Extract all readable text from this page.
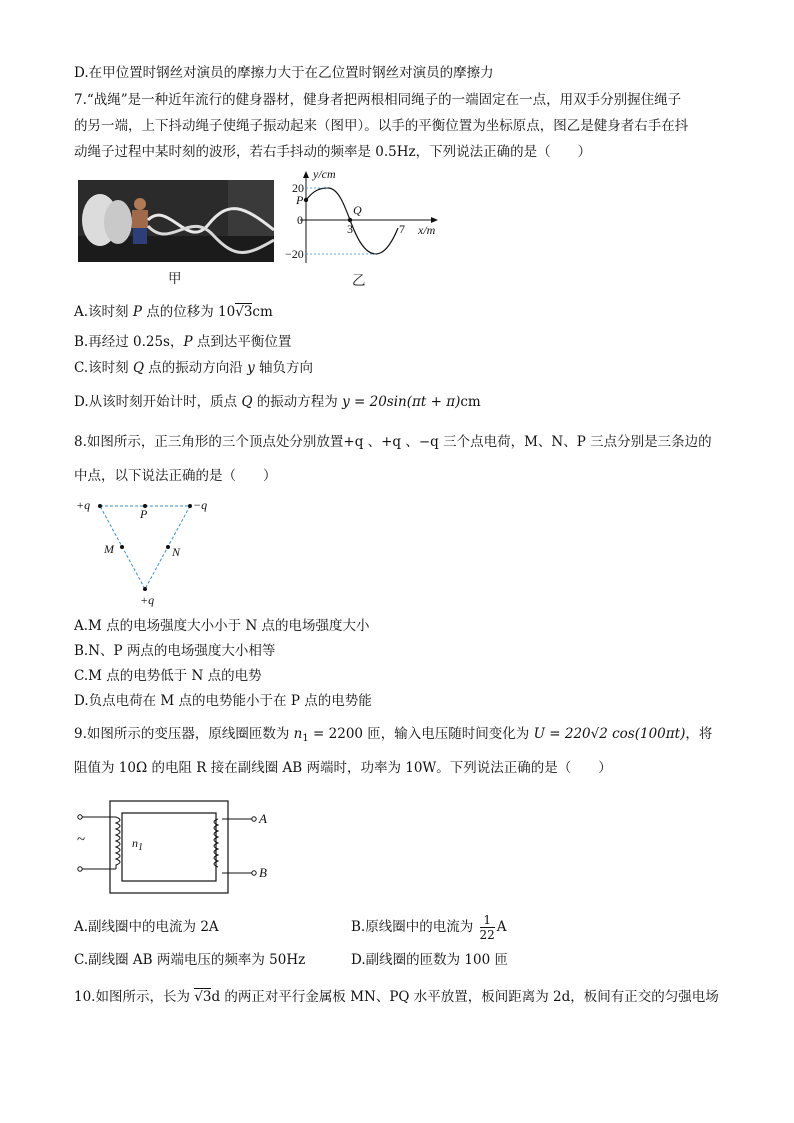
D.在甲位置时钢丝对演员的摩擦力大于在乙位置时钢丝对演员的摩擦力
7.“战绳”是一种近年流行的健身器材，健身者把两根相同绳子的一端固定在一点，用双手分别握住绳子
的另一端，上下抖动绳子使绳子振动起来（图甲）。以手的平衡位置为坐标原点，图乙是健身者右手在抖
动绳子过程中某时刻的波形，若右手抖动的频率是 0.5Hz，下列说法正确的是（　　）
甲
y/cm
20
P
0
Q
3	7 x/m
−20
乙
A.该时刻 P 点的位移为 10√3cm
B.再经过 0.25s，P 点到达平衡位置
C.该时刻 Q 点的振动方向沿 y 轴负方向
D.从该时刻开始计时，质点 Q 的振动方程为 y = 20sin(πt + π)cm
8.如图所示，正三角形的三个顶点处分别放置+q 、+q 、−q 三个点电荷，M、N、P 三点分别是三条边的
中点，以下说法正确的是（　　）
+q	−q
P
M	N
+q
A.M 点的电场强度大小小于 N 点的电场强度大小
B.N、P 两点的电场强度大小相等
C.M 点的电势低于 N 点的电势
D.负点电荷在 M 点的电势能小于在 P 点的电势能
9.如图所示的变压器，原线圈匝数为 $n_1 = 2200$ 匝，输入电压随时间变化为 U = 220√2 cos(100πt)，将
阻值为 10Ω 的电阻 R 接在副线圈 AB 两端时，功率为 10W。下列说法正确的是（　　）
~	$n_1$
A
B
A.副线圈中的电流为 2A	B.原线圈中的电流为 $\frac{1}{22}$ A
C.副线圈 AB 两端电压的频率为 50Hz	D.副线圈的匝数为 100 匝
10.如图所示，长为 √3d 的两正对平行金属板 MN、PQ 水平放置，板间距离为 2d，板间有正交的匀强电场
